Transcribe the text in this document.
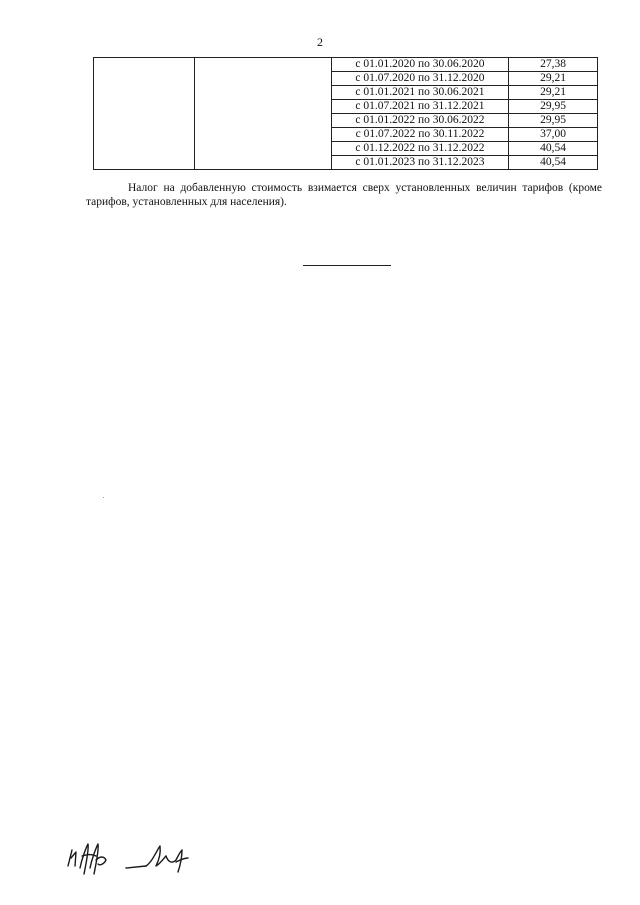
2
		с 01.01.2020 по 30.06.2020	27,38
		с 01.07.2020 по 31.12.2020	29,21
		с 01.01.2021 по 30.06.2021	29,21
		с 01.07.2021 по 31.12.2021	29,95
		с 01.01.2022 по 30.06.2022	29,95
		с 01.07.2022 по 30.11.2022	37,00
		с 01.12.2022 по 31.12.2022	40,54
		с 01.01.2023 по 31.12.2023	40,54
Налог на добавленную стоимость взимается сверх установленных величин тарифов (кроме тарифов, установленных для населения).
